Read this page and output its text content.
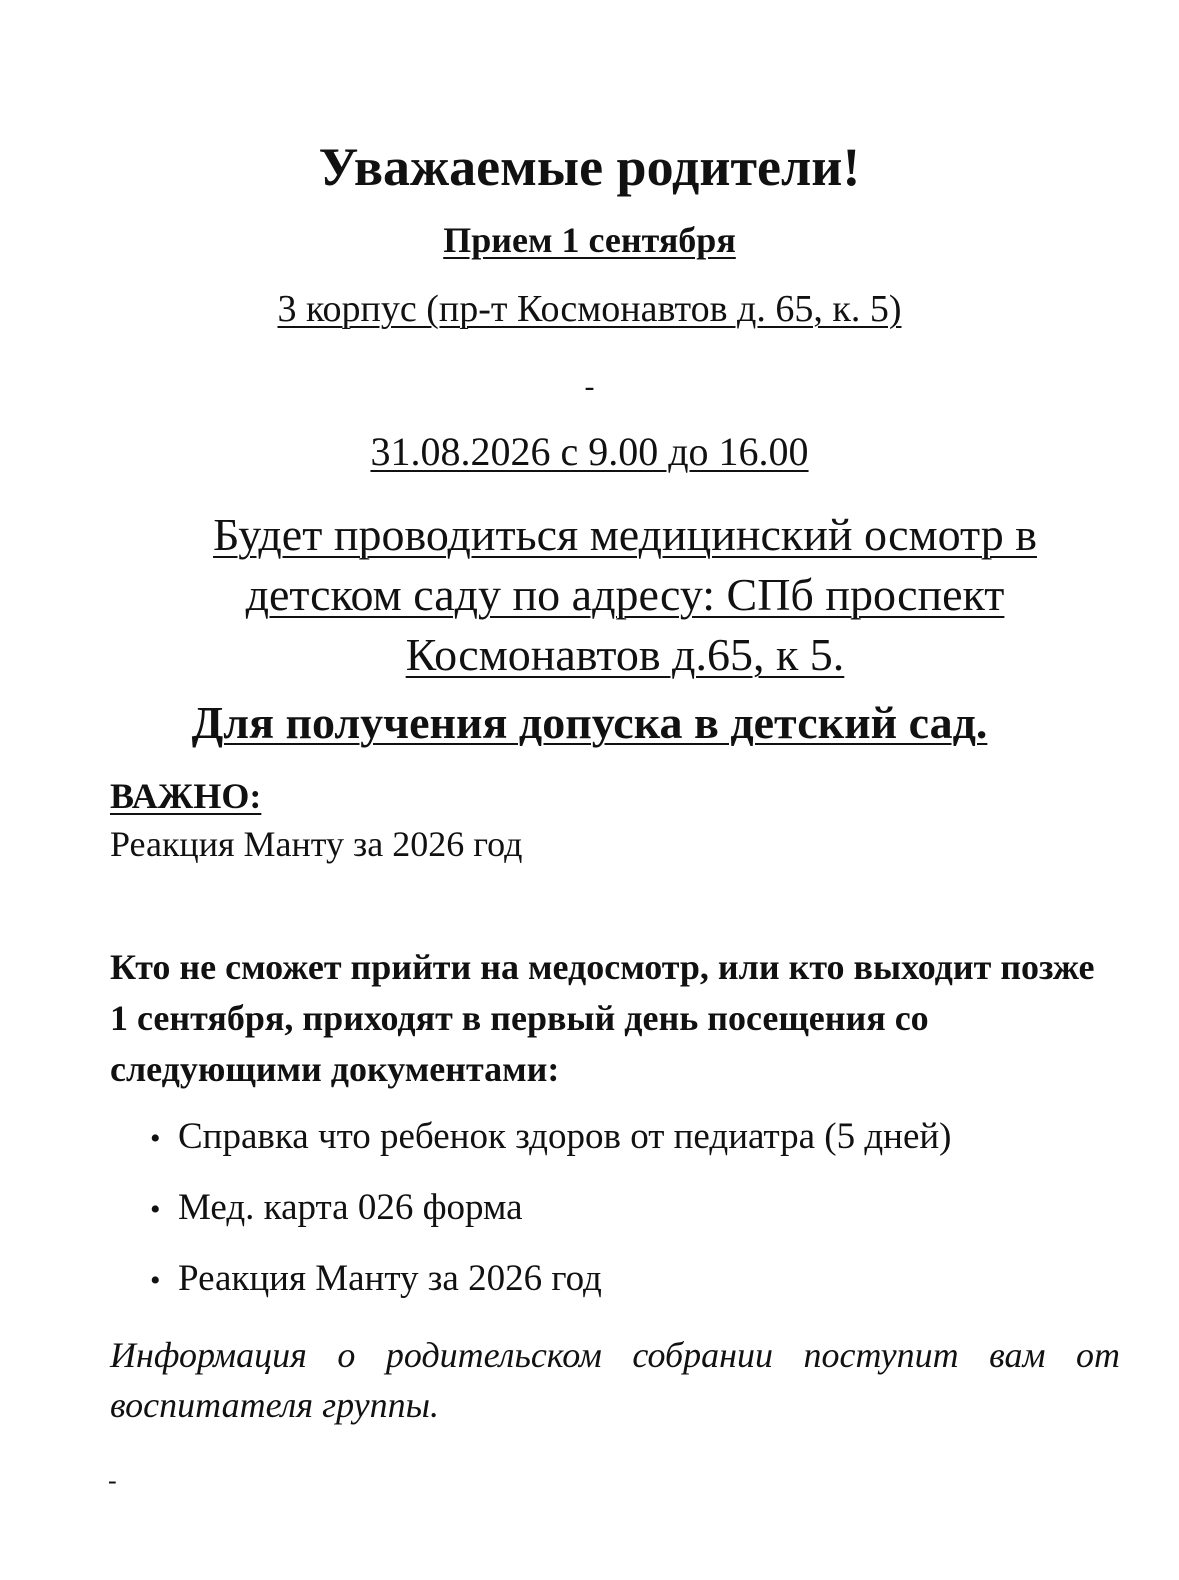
Уважаемые родители!
Прием 1 сентября
3 корпус (пр-т Космонавтов д. 65, к. 5)
-
31.08.2026 с 9.00 до 16.00

Будет проводиться медицинский осмотр в детском саду по адресу: СПб проспект Космонавтов д.65, к 5.

Для получения допуска в детский сад.
ВАЖНО:
Реакция Манту за 2026 год

Кто не сможет прийти на медосмотр, или кто выходит позже 1 сентября, приходят в первый день посещения со следующими документами:

• Справка что ребенок здоров от педиатра (5 дней)
• Мед. карта 026 форма
• Реакция Манту за 2026 год

Информация о родительском собрании поступит вам от воспитателя группы.

-
